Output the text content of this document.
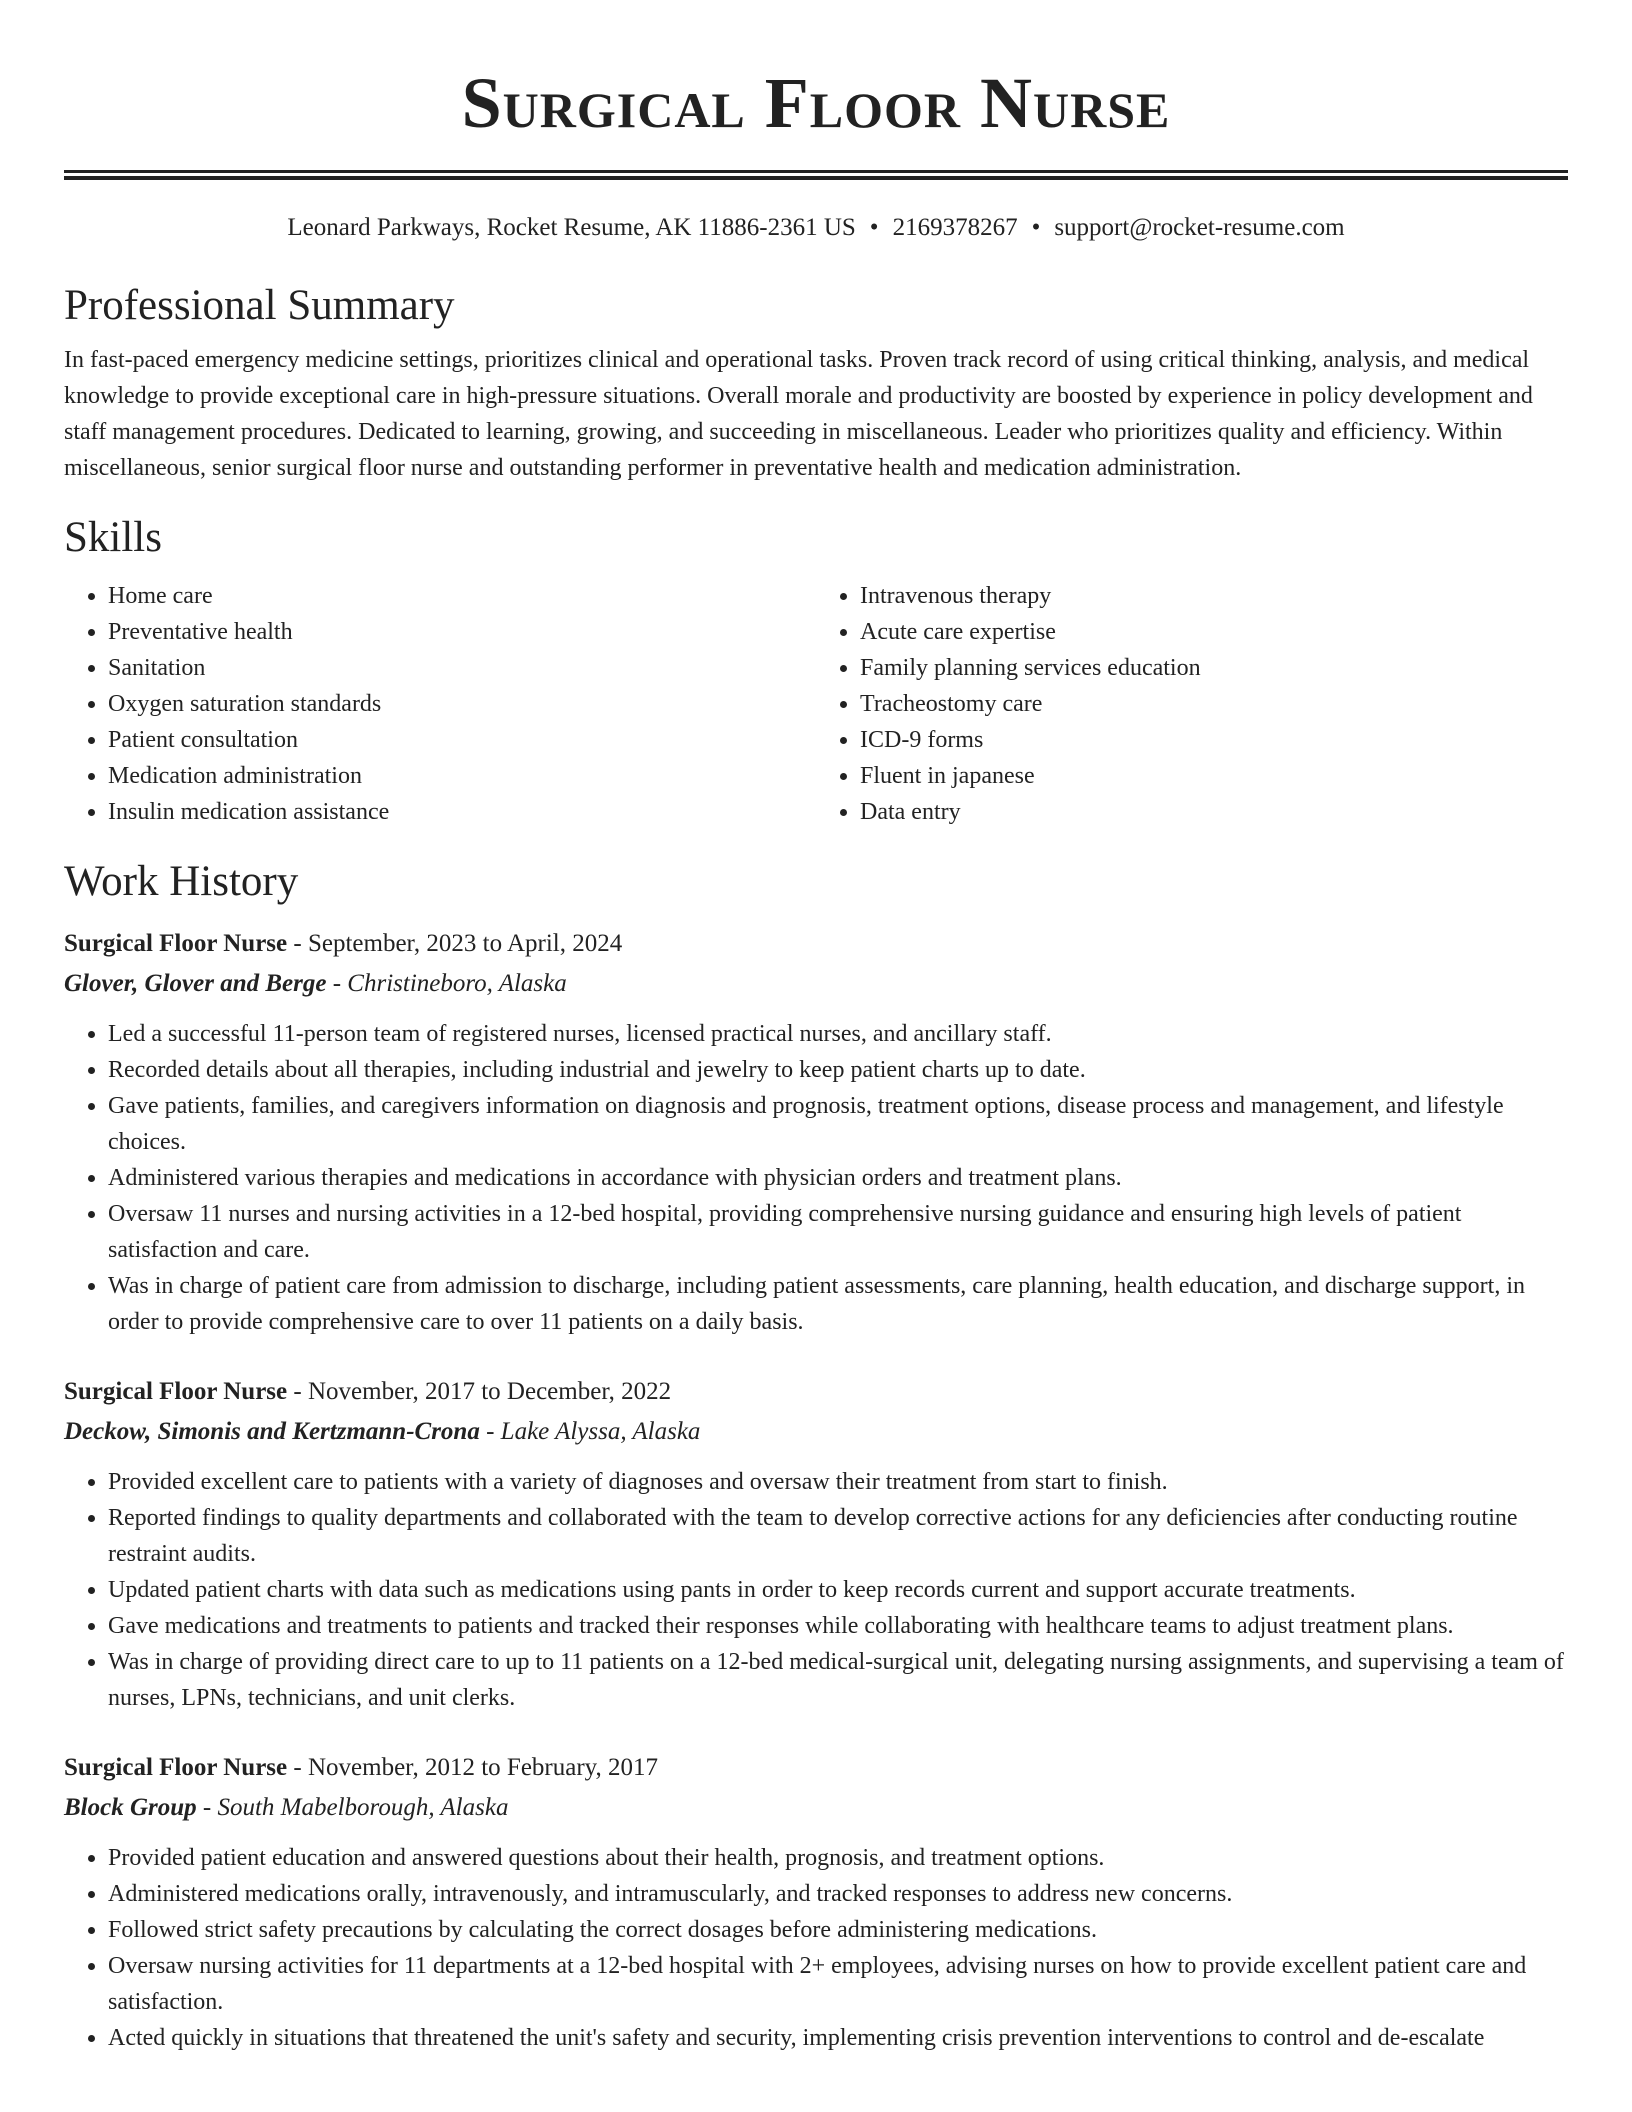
Surgical Floor Nurse
Leonard Parkways, Rocket Resume, AK 11886-2361 US • 2169378267 • support@rocket-resume.com
Professional Summary
In fast-paced emergency medicine settings, prioritizes clinical and operational tasks. Proven track record of using critical thinking, analysis, and medical knowledge to provide exceptional care in high-pressure situations. Overall morale and productivity are boosted by experience in policy development and staff management procedures. Dedicated to learning, growing, and succeeding in miscellaneous. Leader who prioritizes quality and efficiency. Within miscellaneous, senior surgical floor nurse and outstanding performer in preventative health and medication administration.
Skills
• Home care
• Preventative health
• Sanitation
• Oxygen saturation standards
• Patient consultation
• Medication administration
• Insulin medication assistance
• Intravenous therapy
• Acute care expertise
• Family planning services education
• Tracheostomy care
• ICD-9 forms
• Fluent in japanese
• Data entry
Work History
Surgical Floor Nurse - September, 2023 to April, 2024
Glover, Glover and Berge - Christineboro, Alaska
• Led a successful 11-person team of registered nurses, licensed practical nurses, and ancillary staff.
• Recorded details about all therapies, including industrial and jewelry to keep patient charts up to date.
• Gave patients, families, and caregivers information on diagnosis and prognosis, treatment options, disease process and management, and lifestyle choices.
• Administered various therapies and medications in accordance with physician orders and treatment plans.
• Oversaw 11 nurses and nursing activities in a 12-bed hospital, providing comprehensive nursing guidance and ensuring high levels of patient satisfaction and care.
• Was in charge of patient care from admission to discharge, including patient assessments, care planning, health education, and discharge support, in order to provide comprehensive care to over 11 patients on a daily basis.
Surgical Floor Nurse - November, 2017 to December, 2022
Deckow, Simonis and Kertzmann-Crona - Lake Alyssa, Alaska
• Provided excellent care to patients with a variety of diagnoses and oversaw their treatment from start to finish.
• Reported findings to quality departments and collaborated with the team to develop corrective actions for any deficiencies after conducting routine restraint audits.
• Updated patient charts with data such as medications using pants in order to keep records current and support accurate treatments.
• Gave medications and treatments to patients and tracked their responses while collaborating with healthcare teams to adjust treatment plans.
• Was in charge of providing direct care to up to 11 patients on a 12-bed medical-surgical unit, delegating nursing assignments, and supervising a team of nurses, LPNs, technicians, and unit clerks.
Surgical Floor Nurse - November, 2012 to February, 2017
Block Group - South Mabelborough, Alaska
• Provided patient education and answered questions about their health, prognosis, and treatment options.
• Administered medications orally, intravenously, and intramuscularly, and tracked responses to address new concerns.
• Followed strict safety precautions by calculating the correct dosages before administering medications.
• Oversaw nursing activities for 11 departments at a 12-bed hospital with 2+ employees, advising nurses on how to provide excellent patient care and satisfaction.
• Acted quickly in situations that threatened the unit's safety and security, implementing crisis prevention interventions to control and de-escalate
